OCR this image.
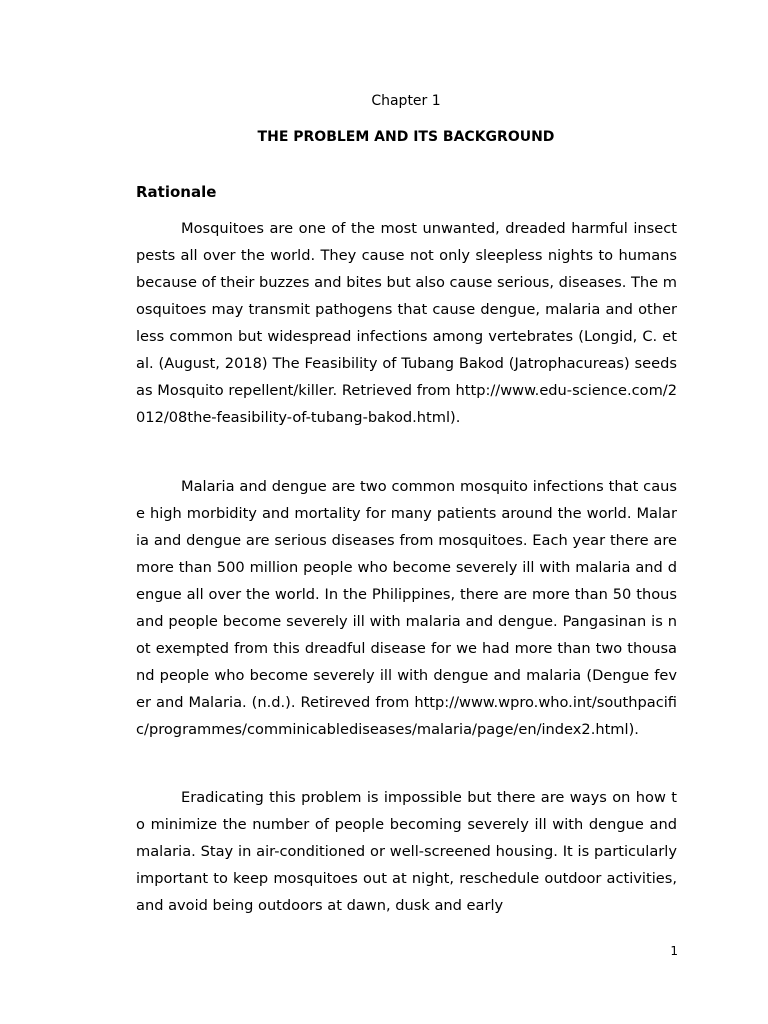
Chapter 1
THE PROBLEM AND ITS BACKGROUND
Rationale

Mosquitoes are one of the most unwanted, dreaded harmful insect pests all over the world. They cause not only sleepless nights to humans because of their buzzes and bites but also cause serious, diseases. The mosquitoes may transmit pathogens that cause dengue, malaria and other less common but widespread infections among vertebrates (Longid, C. et al. (August, 2018) The Feasibility of Tubang Bakod (Jatrophacureas) seeds as Mosquito repellent/killer. Retrieved from http://www.edu-science.com/2012/08the-feasibility-of-tubang-bakod.html).

Malaria and dengue are two common mosquito infections that cause high morbidity and mortality for many patients around the world. Malaria and dengue are serious diseases from mosquitoes. Each year there are more than 500 million people who become severely ill with malaria and dengue all over the world. In the Philippines, there are more than 50 thousand people become severely ill with malaria and dengue. Pangasinan is not exempted from this dreadful disease for we had more than two thousand people who become severely ill with dengue and malaria (Dengue fever and Malaria. (n.d.). Retireved from http://www.wpro.who.int/southpacific/programmes/comminicablediseases/malaria/page/en/index2.html).

Eradicating this problem is impossible but there are ways on how to minimize the number of people becoming severely ill with dengue and malaria. Stay in air-conditioned or well-screened housing. It is particularly important to keep mosquitoes out at night, reschedule outdoor activities, and avoid being outdoors at dawn, dusk and early

1
